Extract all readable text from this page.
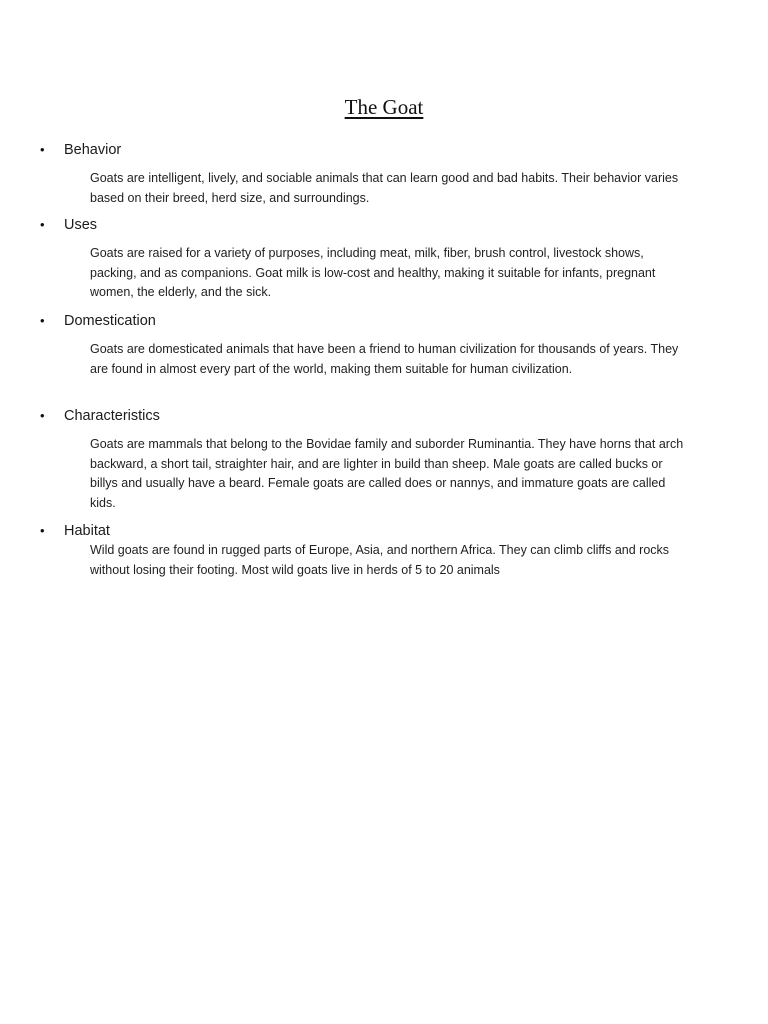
The Goat
• Behavior

Goats are intelligent, lively, and sociable animals that can learn good and bad habits. Their behavior varies based on their breed, herd size, and surroundings.

• Uses

Goats are raised for a variety of purposes, including meat, milk, fiber, brush control, livestock shows, packing, and as companions. Goat milk is low-cost and healthy, making it suitable for infants, pregnant women, the elderly, and the sick.

• Domestication

Goats are domesticated animals that have been a friend to human civilization for thousands of years. They are found in almost every part of the world, making them suitable for human civilization.

• Characteristics

Goats are mammals that belong to the Bovidae family and suborder Ruminantia. They have horns that arch backward, a short tail, straighter hair, and are lighter in build than sheep. Male goats are called bucks or billys and usually have a beard. Female goats are called does or nannys, and immature goats are called kids.

• Habitat

Wild goats are found in rugged parts of Europe, Asia, and northern Africa. They can climb cliffs and rocks without losing their footing. Most wild goats live in herds of 5 to 20 animals
